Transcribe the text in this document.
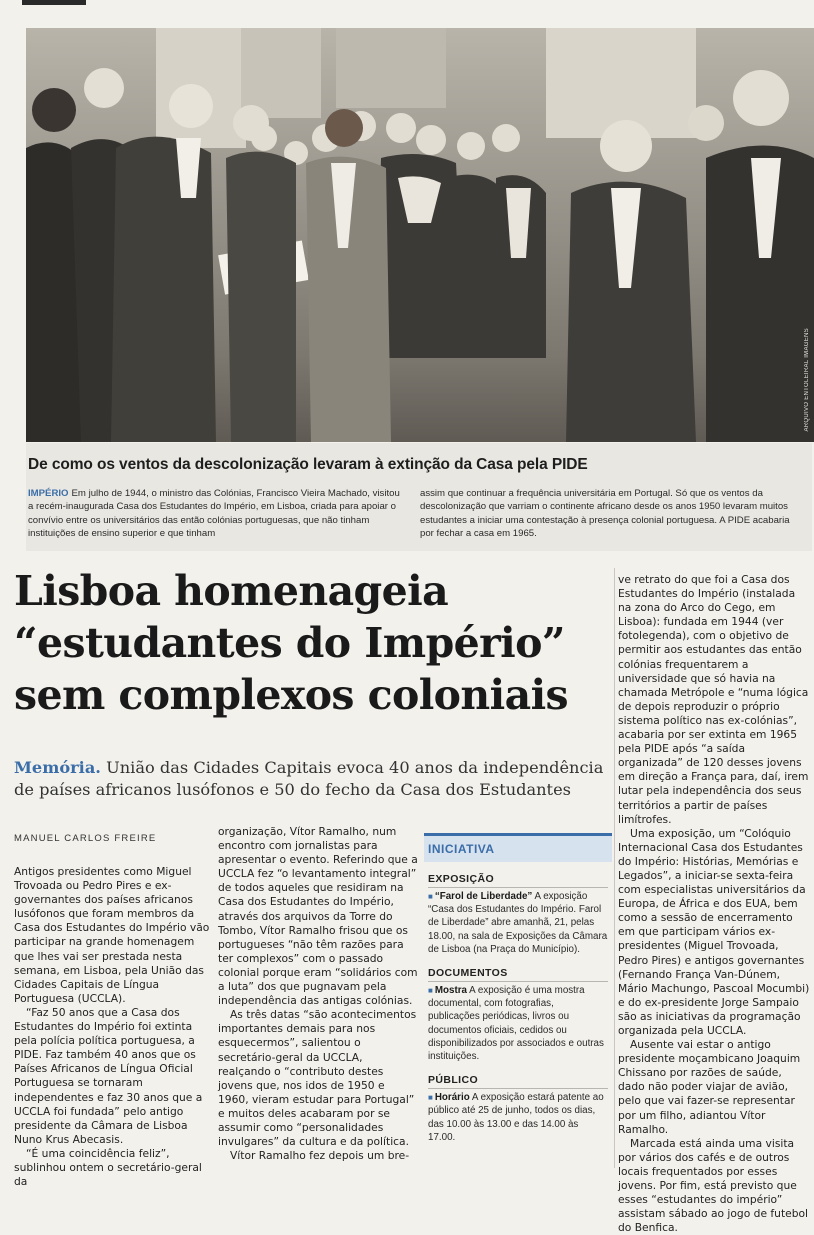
ARQUIVO ENTOLEIRAL IMAGENS
De como os ventos da descolonização levaram à extinção da Casa pela PIDE
IMPÉRIO Em julho de 1944, o ministro das Colónias, Francisco Vieira Machado, visitou a recém-inaugurada Casa dos Estudantes do Império, em Lisboa, criada para apoiar o convívio entre os universitários das então colónias portuguesas, que não tinham instituições de ensino superior e que tinham
assim que continuar a frequência universitária em Portugal. Só que os ventos da descolonização que varriam o continente africano desde os anos 1950 levaram muitos estudantes a iniciar uma contestação à presença colonial portuguesa. A PIDE acabaria por fechar a casa em 1965.

Lisboa homenageia
“estudantes do Império”
sem complexos coloniais
Memória. União das Cidades Capitais evoca 40 anos da independência de países africanos lusófonos e 50 do fecho da Casa dos Estudantes
MANUEL CARLOS FREIRE

Antigos presidentes como Miguel Trovoada ou Pedro Pires e ex-governantes dos países africanos lusófonos que foram membros da Casa dos Estudantes do Império vão participar na grande homenagem que lhes vai ser prestada nesta semana, em Lisboa, pela União das Cidades Capitais de Língua Portuguesa (UCCLA).

“Faz 50 anos que a Casa dos Estudantes do Império foi extinta pela polícia política portuguesa, a PIDE. Faz também 40 anos que os Países Africanos de Língua Oficial Portuguesa se tornaram independentes e faz 30 anos que a UCCLA foi fundada” pelo antigo presidente da Câmara de Lisboa Nuno Krus Abecasis.

“É uma coincidência feliz”, sublinhou ontem o secretário-geral da

organização, Vítor Ramalho, num encontro com jornalistas para apresentar o evento. Referindo que a UCCLA fez “o levantamento integral” de todos aqueles que residiram na Casa dos Estudantes do Império, através dos arquivos da Torre do Tombo, Vítor Ramalho frisou que os portugueses “não têm razões para ter complexos” com o passado colonial porque eram “solidários com a luta” dos que pugnavam pela independência das antigas colónias.

As três datas “são acontecimentos importantes demais para nos esquecermos”, salientou o secretário-geral da UCCLA, realçando o “contributo destes jovens que, nos idos de 1950 e 1960, vieram estudar para Portugal” e muitos deles acabaram por se assumir como “personalidades invulgares” da cultura e da política.

Vítor Ramalho fez depois um bre-

INICIATIVA
EXPOSIÇÃO

■ “Farol de Liberdade” A exposição “Casa dos Estudantes do Império. Farol de Liberdade” abre amanhã, 21, pelas 18.00, na sala de Exposições da Câmara de Lisboa (na Praça do Município).

DOCUMENTOS

■ Mostra A exposição é uma mostra documental, com fotografias, publicações periódicas, livros ou documentos oficiais, cedidos ou disponibilizados por associados e outras instituições.

PÚBLICO

■ Horário A exposição estará patente ao público até 25 de junho, todos os dias, das 10.00 às 13.00 e das 14.00 às 17.00.

ve retrato do que foi a Casa dos Estudantes do Império (instalada na zona do Arco do Cego, em Lisboa): fundada em 1944 (ver fotolegenda), com o objetivo de permitir aos estudantes das então colónias frequentarem a universidade que só havia na chamada Metrópole e “numa lógica de depois reproduzir o próprio sistema político nas ex-colónias”, acabaria por ser extinta em 1965 pela PIDE após “a saída organizada” de 120 desses jovens em direção a França para, daí, irem lutar pela independência dos seus territórios a partir de países limítrofes.

Uma exposição, um “Colóquio Internacional Casa dos Estudantes do Império: Histórias, Memórias e Legados”, a iniciar-se sexta-feira com especialistas universitários da Europa, de África e dos EUA, bem como a sessão de encerramento em que participam vários ex-presidentes (Miguel Trovoada, Pedro Pires) e antigos governantes (Fernando França Van-Dúnem, Mário Machungo, Pascoal Mocumbi) e do ex-presidente Jorge Sampaio são as iniciativas da programação organizada pela UCCLA.

Ausente vai estar o antigo presidente moçambicano Joaquim Chissano por razões de saúde, dado não poder viajar de avião, pelo que vai fazer-se representar por um filho, adiantou Vítor Ramalho.

Marcada está ainda uma visita por vários dos cafés e de outros locais frequentados por esses jovens. Por fim, está previsto que esses “estudantes do império” assistam sábado ao jogo de futebol do Benfica.
